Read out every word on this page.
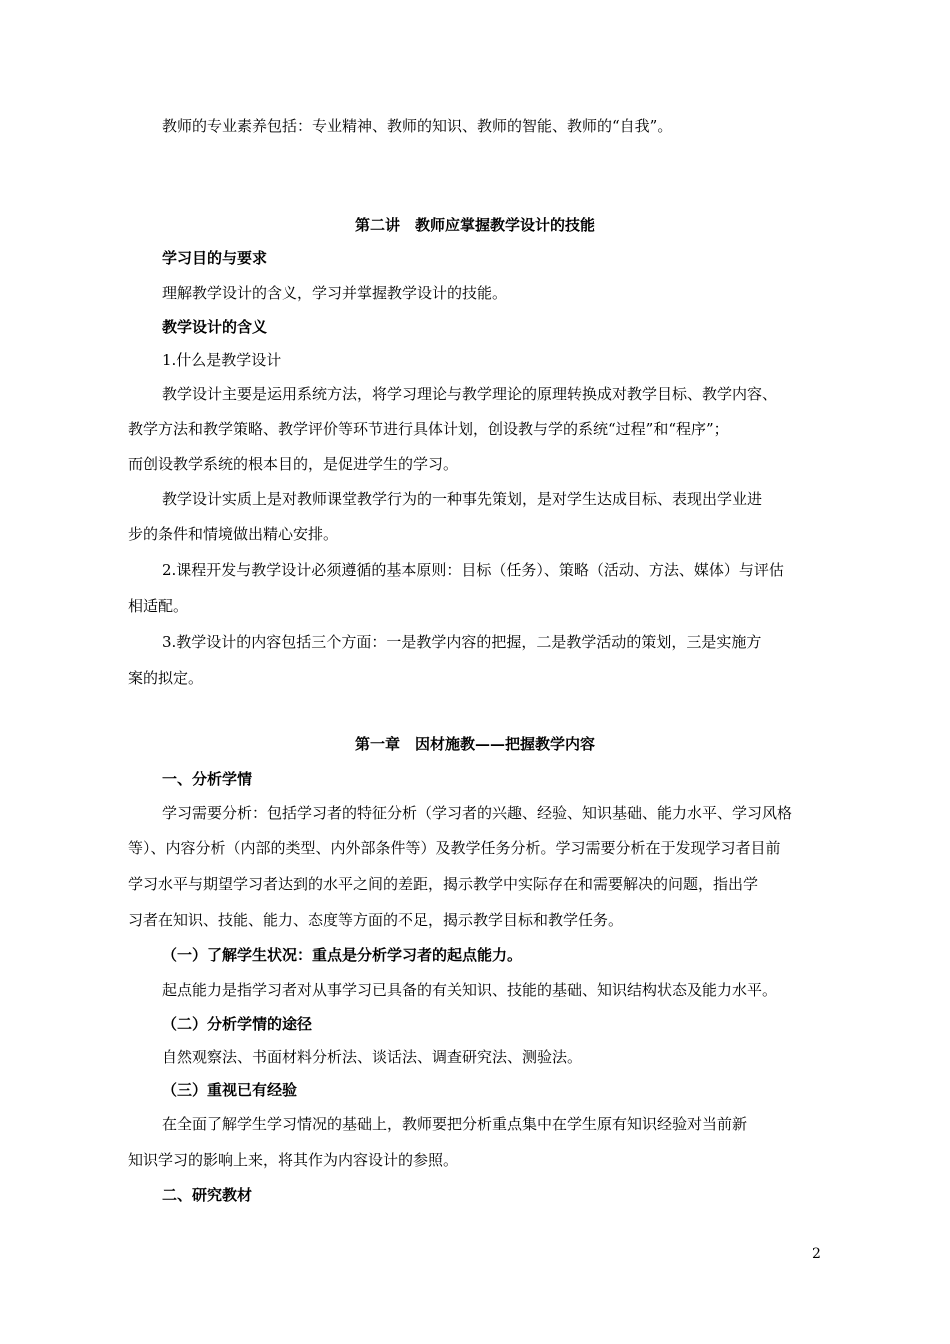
教师的专业素养包括：专业精神、教师的知识、教师的智能、教师的“自我”。
第二讲　教师应掌握教学设计的技能
学习目的与要求
理解教学设计的含义，学习并掌握教学设计的技能。
教学设计的含义
1.什么是教学设计
教学设计主要是运用系统方法，将学习理论与教学理论的原理转换成对教学目标、教学内容、
教学方法和教学策略、教学评价等环节进行具体计划，创设教与学的系统“过程”和“程序”；
而创设教学系统的根本目的，是促进学生的学习。
教学设计实质上是对教师课堂教学行为的一种事先策划，是对学生达成目标、表现出学业进
步的条件和情境做出精心安排。
2.课程开发与教学设计必须遵循的基本原则：目标（任务）、策略（活动、方法、媒体）与评估
相适配。
3.教学设计的内容包括三个方面：一是教学内容的把握，二是教学活动的策划，三是实施方
案的拟定。
第一章　因材施教——把握教学内容
一、分析学情
学习需要分析：包括学习者的特征分析（学习者的兴趣、经验、知识基础、能力水平、学习风格
等）、内容分析（内部的类型、内外部条件等）及教学任务分析。学习需要分析在于发现学习者目前
学习水平与期望学习者达到的水平之间的差距，揭示教学中实际存在和需要解决的问题，指出学
习者在知识、技能、能力、态度等方面的不足，揭示教学目标和教学任务。
（一）了解学生状况：重点是分析学习者的起点能力。
起点能力是指学习者对从事学习已具备的有关知识、技能的基础、知识结构状态及能力水平。
（二）分析学情的途径
自然观察法、书面材料分析法、谈话法、调查研究法、测验法。
（三）重视已有经验
在全面了解学生学习情况的基础上，教师要把分析重点集中在学生原有知识经验对当前新
知识学习的影响上来，将其作为内容设计的参照。
二、研究教材
2
